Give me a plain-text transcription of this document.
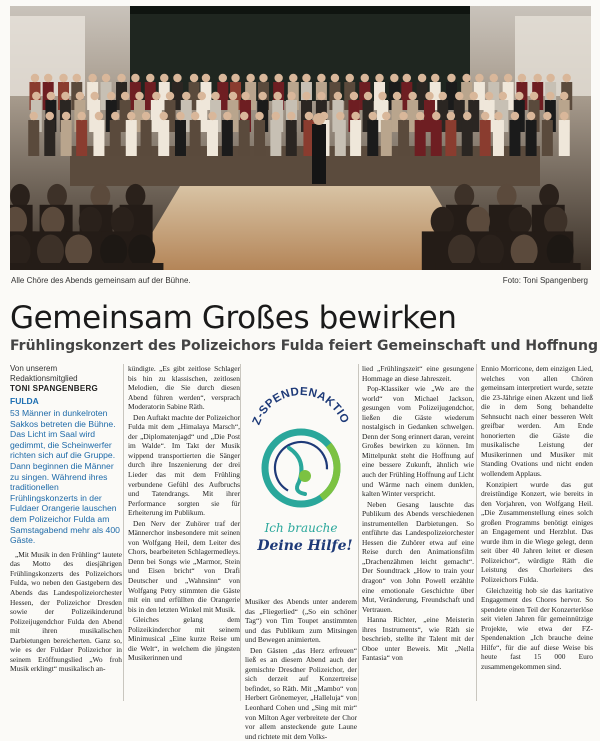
Alle Chöre des Abends gemeinsam auf der Bühne.	Foto: Toni Spangenberg
Gemeinsam Großes bewirken
Frühlingskonzert des Polizeichors Fulda feiert Gemeinschaft und Hoffnung
Von unserem
Redaktionsmitglied
TONI SPANGENBERG
FULDA

53 Männer in dunkelroten Sakkos betreten die Bühne. Das Licht im Saal wird gedimmt, die Scheinwerfer richten sich auf die Gruppe. Dann beginnen die Männer zu singen. Während ihres traditionellen Frühlingskonzerts in der Fuldaer Orangerie lauschen dem Polizeichor Fulda am Samstagabend mehr als 400 Gäste.

„Mit Musik in den Frühling“ lautete das Motto des diesjährigen Frühlingskonzerts des Polizeichors Fulda, wo neben den Gastgebern des Abends das Landespolizeiorchester Hessen, der Polizeichor Dresden sowie der Polizeikinderund Polizeijugendchor Fulda den Abend mit ihren musikalischen Darbietungen bereicherten. Ganz so, wie es der Fuldaer Polizeichor in seinem Eröffnungslied „Wo froh Musik erklingt“ musikalisch an-

kündigte. „Es gibt zeitlose Schlager bis hin zu klassischen, zeitlosen Melodien, die Sie durch diesen Abend führen werden“, versprach Moderatorin Sabine Räth.

Den Auftakt machte der Polizeichor Fulda mit dem „Himalaya Marsch“, der „Diplomatenjagd“ und „Die Post im Walde“. Im Takt der Musik wippend transportierten die Sänger durch ihre Inszenierung der drei Lieder das mit dem Frühling verbundene Gefühl des Aufbruchs und Tatendrangs. Mit ihrer Performance sorgten sie für Erheiterung im Publikum.

Den Nerv der Zuhörer traf der Männerchor insbesondere mit seinen von Wolfgang Heil, dem Leiter des Chors, bearbeiteten Schlagermedleys. Denn bei Songs wie „Marmor, Stein und Eisen bricht“ von Drafi Deutscher und „Wahnsinn“ von Wolfgang Petry stimmten die Gäste mit ein und erfüllten die Orangerie bis in den letzten Winkel mit Musik.

Gleiches gelang dem Polizeikinderchor mit seinem Minimusical „Eine kurze Reise um die Welt“, in welchem die jüngsten Musikerinnen und

Z-SPENDENAKTIO
Ich brauche
Deine Hilfe!

Musiker des Abends unter anderem das „Fliegerlied“ („So ein schöner Tag“) von Tim Toupet anstimmten und das Publikum zum Mitsingen und Bewegen animierten.

Den Gästen „das Herz erfreuen“ ließ es an diesem Abend auch der gemischte Dresdner Polizeichor, der sich derzeit auf Konzertreise befindet, so Räth. Mit „Mambo“ von Herbert Grönemeyer, „Halleluja“ von Leonhard Cohen und „Sing mit mir“ von Milton Ager verbreitete der Chor vor allem ansteckende gute Laune und richtete mit dem Volks-

lied „Frühlingszeit“ eine gesungene Hommage an diese Jahreszeit.

Pop-Klassiker wie „We are the world“ von Michael Jackson, gesungen vom Polizeijugendchor, ließen die Gäste wiederum nostalgisch in Gedanken schwelgen. Denn der Song erinnert daran, vereint Großes bewirken zu können. Im Mittelpunkt steht die Hoffnung auf eine bessere Zukunft, ähnlich wie auch der Frühling Hoffnung auf Licht und Wärme nach einem dunklen, kalten Winter verspricht.

Neben Gesang lauschte das Publikum des Abends verschiedenen instrumentellen Darbietungen. So entführte das Landespolizeiorchester Hessen die Zuhörer etwa auf eine Reise durch den Animationsfilm „Drachenzähmen leicht gemacht“. Der Soundtrack „How to train your dragon“ von John Powell erzählte eine emotionale Geschichte über Mut, Veränderung, Freundschaft und Vertrauen.

Hanna Richter, „eine Meisterin ihres Instruments“, wie Räth sie beschrieb, stellte ihr Talent mit der Oboe unter Beweis. Mit „Nella Fantasia“ von

Ennio Morricone, dem einzigen Lied, welches von allen Chören gemeinsam interpretiert wurde, setzte die 23-Jährige einen Akzent und ließ die in dem Song behandelte Sehnsucht nach einer besseren Welt greifbar werden. Am Ende honorierten die Gäste die musikalische Leistung der Musikerinnen und Musiker mit Standing Ovations und nicht enden wollendem Applaus.

Konzipiert wurde das gut dreistündige Konzert, wie bereits in den Vorjahren, von Wolfgang Heil. „Die Zusammenstellung eines solch großen Programms benötigt einiges an Engagement und Herzblut. Das wurde ihm in die Wiege gelegt, denn seit über 40 Jahren leitet er diesen Polizeichor“, würdigte Räth die Leistung des Chorleiters des Polizeichors Fulda.

Gleichzeitig hob sie das karitative Engagement des Chores hervor. So spendete einen Teil der Konzerterlöse seit vielen Jahren für gemeinnützige Projekte, wie etwa der FZ-Spendenaktion „Ich brauche deine Hilfe“, für die auf diese Weise bis heute fast 15 000 Euro zusammengekommen sind.
